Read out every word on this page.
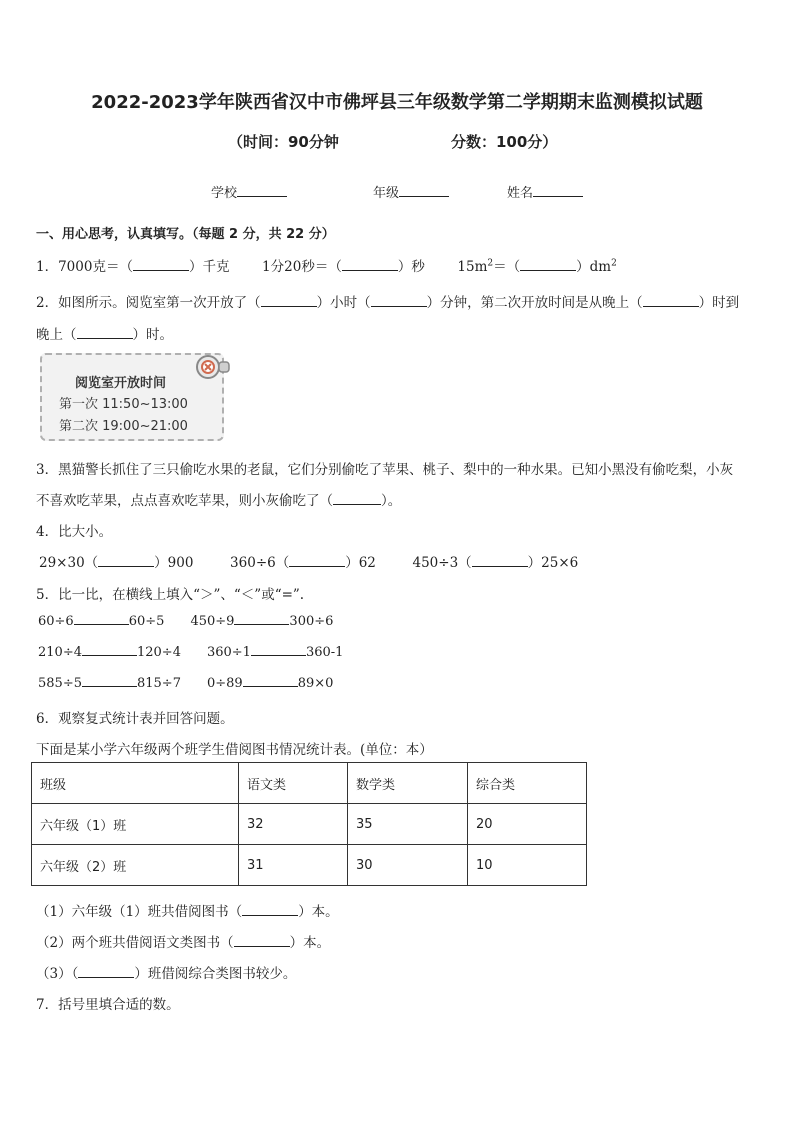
2022-2023学年陕西省汉中市佛坪县三年级数学第二学期期末监测模拟试题
（时间：90分钟	分数：100分）
学校	年级	姓名
一、用心思考，认真填写。（每题 2 分，共 22 分）
1．7000克＝（	）千克 1分20秒＝（	）秒 $15m^2=$（	）$dm^2$
2．如图所示。阅览室第一次开放了（	）小时（	）分钟，第二次开放时间是从晚上（	）时到
晚上（	）时。
阅览室开放时间
第一次 11:50~13:00
第二次 19:00~21:00
3．黑猫警长抓住了三只偷吃水果的老鼠，它们分别偷吃了苹果、桃子、梨中的一种水果。已知小黑没有偷吃梨，小灰
不喜欢吃苹果，点点喜欢吃苹果，则小灰偷吃了（	）。
4．比大小。
29×30（	）900	360÷6（	）62	450÷3（	）25×6
5．比一比，在横线上填入“＞”、“＜”或“=”.
60÷6	60÷5 450÷9	300÷6
210÷4	120÷4 360÷1	360-1
585÷5	815÷7 0÷89	89×0
6．观察复式统计表并回答问题。
下面是某小学六年级两个班学生借阅图书情况统计表。(单位：本）
班级	语文类	数学类	综合类
六年级（1）班	32	35	20
六年级（2）班	31	30	10
（1）六年级（1）班共借阅图书（	）本。
（2）两个班共借阅语文类图书（	）本。
（3）（	）班借阅综合类图书较少。
7．括号里填合适的数。
